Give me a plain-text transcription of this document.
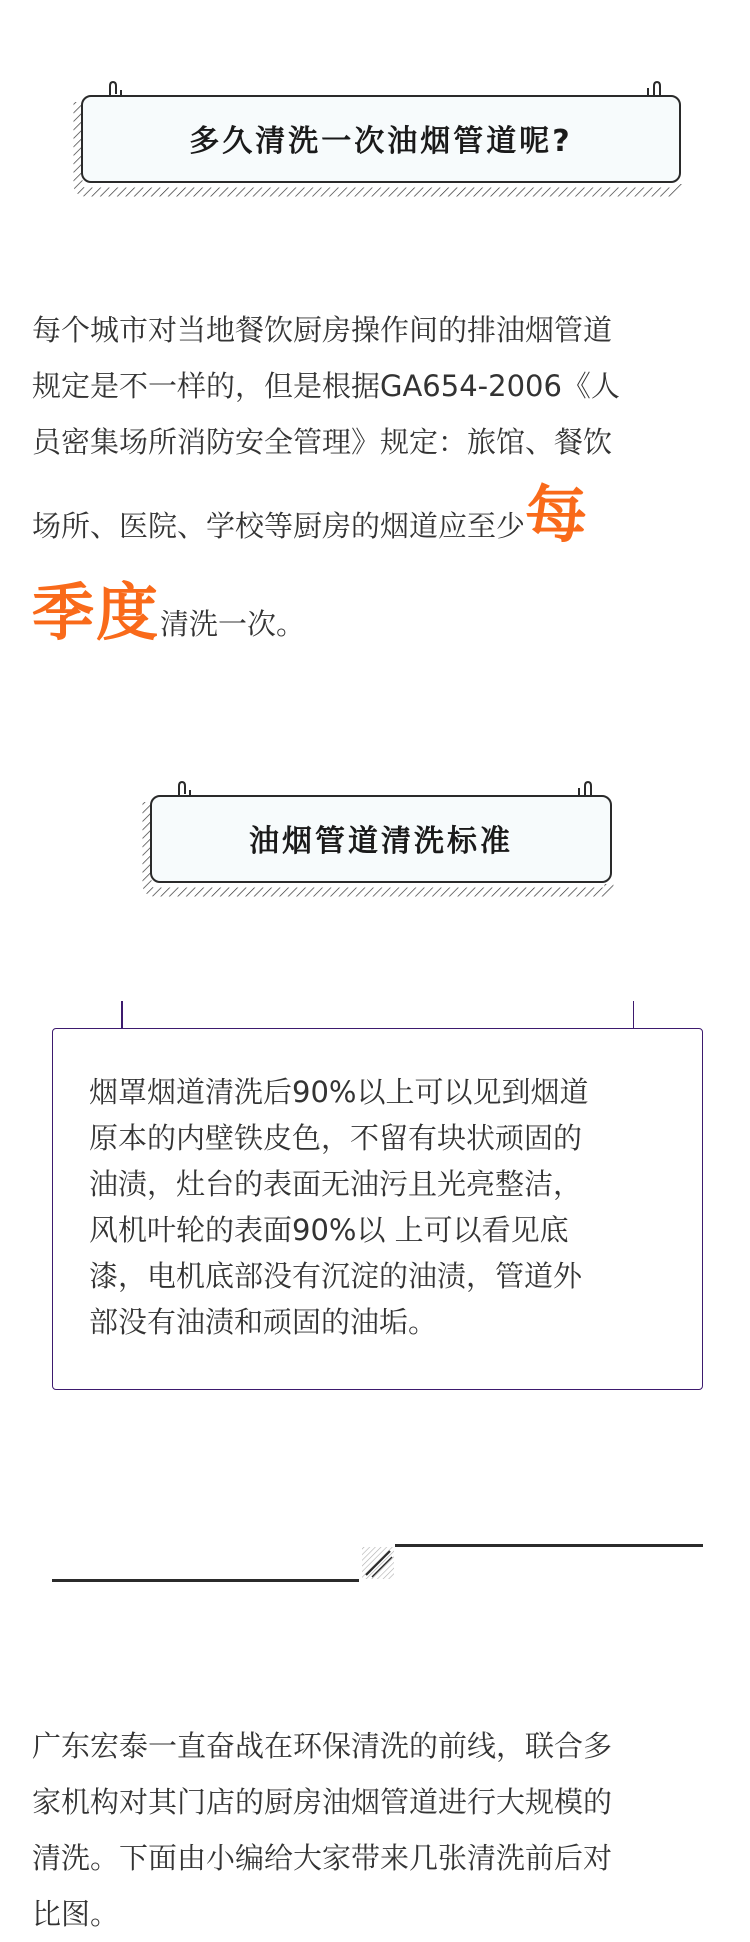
多久清洗一次油烟管道呢?
每个城市对当地餐饮厨房操作间的排油烟管道
规定是不一样的，但是根据GA654-2006《人
员密集场所消防安全管理》规定：旅馆、餐饮
场所、医院、学校等厨房的烟道应至少每
季度清洗一次。
油烟管道清洗标准
烟罩烟道清洗后90%以上可以见到烟道
原本的内壁铁皮色，不留有块状顽固的
油渍，灶台的表面无油污且光亮整洁，
风机叶轮的表面90%以 上可以看见底
漆，电机底部没有沉淀的油渍，管道外
部没有油渍和顽固的油垢。
广东宏泰一直奋战在环保清洗的前线，联合多
家机构对其门店的厨房油烟管道进行大规模的
清洗。下面由小编给大家带来几张清洗前后对
比图。
